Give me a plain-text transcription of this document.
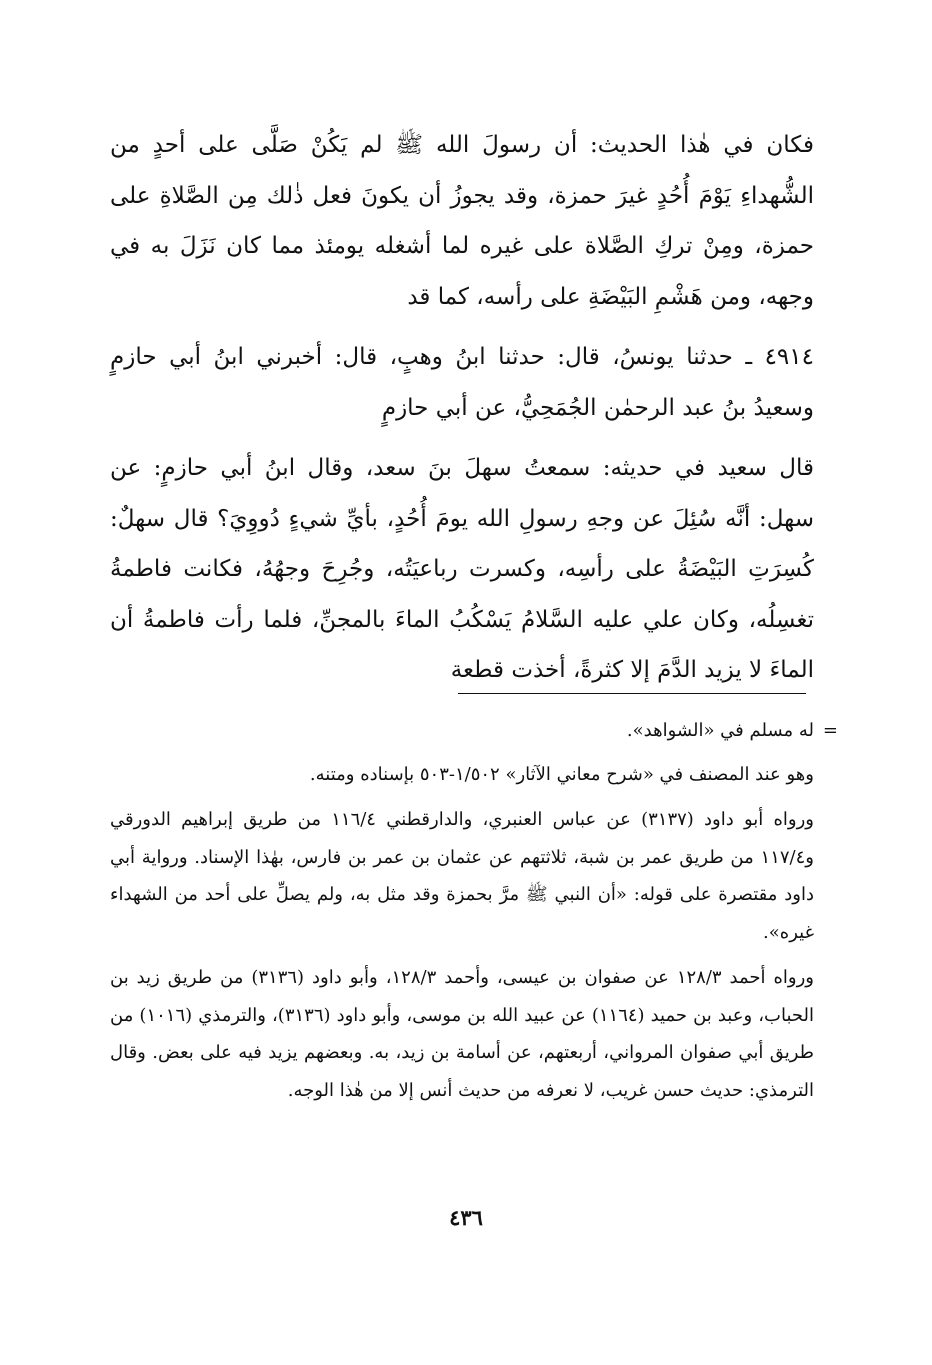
فكان في هٰذا الحديث: أن رسولَ الله ﷺ لم يَكُنْ صَلَّى على أحدٍ من الشُّهداءِ يَوْمَ أُحُدٍ غيرَ حمزة، وقد يجوزُ أن يكونَ فعل ذٰلك مِن الصَّلاةِ على حمزة، ومِنْ تركِ الصَّلاة على غيره لما أشغله يومئذ مما كان نَزَلَ به في وجهه، ومن هَشْمِ البَيْضَةِ على رأسه، كما قد

٤٩١٤ ـ حدثنا يونسُ، قال: حدثنا ابنُ وهبٍ، قال: أخبرني ابنُ أبي حازمٍ وسعيدُ بنُ عبد الرحمٰن الجُمَحِيُّ، عن أبي حازمٍ

قال سعيد في حديثه: سمعتُ سهلَ بنَ سعد، وقال ابنُ أبي حازمٍ: عن سهل: أنَّه سُئِلَ عن وجهِ رسولِ الله يومَ أُحُدٍ، بأيِّ شيءٍ دُووِيَ؟ قال سهلٌ: كُسِرَتِ البَيْضَةُ على رأسِه، وكسرت رباعيَتُه، وجُرِحَ وجهُهُ، فكانت فاطمةُ تغسِلُه، وكان علي عليه السَّلامُ يَسْكُبُ الماءَ بالمجنِّ، فلما رأت فاطمةُ أن الماءَ لا يزيد الدَّمَ إلا كثرةً، أخذت قطعة

=

له مسلم في «الشواهد».

وهو عند المصنف في «شرح معاني الآثار» ١/٥٠٢-٥٠٣ بإسناده ومتنه.

ورواه أبو داود (٣١٣٧) عن عباس العنبري، والدارقطني ١١٦/٤ من طريق إبراهيم الدورقي و١١٧/٤ من طريق عمر بن شبة، ثلاثتهم عن عثمان بن عمر بن فارس، بهٰذا الإسناد. ورواية أبي داود مقتصرة على قوله: «أن النبي ﷺ مرَّ بحمزة وقد مثل به، ولم يصلِّ على أحد من الشهداء غيره».

ورواه أحمد ١٢٨/٣ عن صفوان بن عيسى، وأحمد ١٢٨/٣، وأبو داود (٣١٣٦) من طريق زيد بن الحباب، وعبد بن حميد (١١٦٤) عن عبيد الله بن موسى، وأبو داود (٣١٣٦)، والترمذي (١٠١٦) من طريق أبي صفوان المرواني، أربعتهم، عن أسامة بن زيد، به. وبعضهم يزيد فيه على بعض. وقال الترمذي: حديث حسن غريب، لا نعرفه من حديث أنس إلا من هٰذا الوجه.

٤٣٦
